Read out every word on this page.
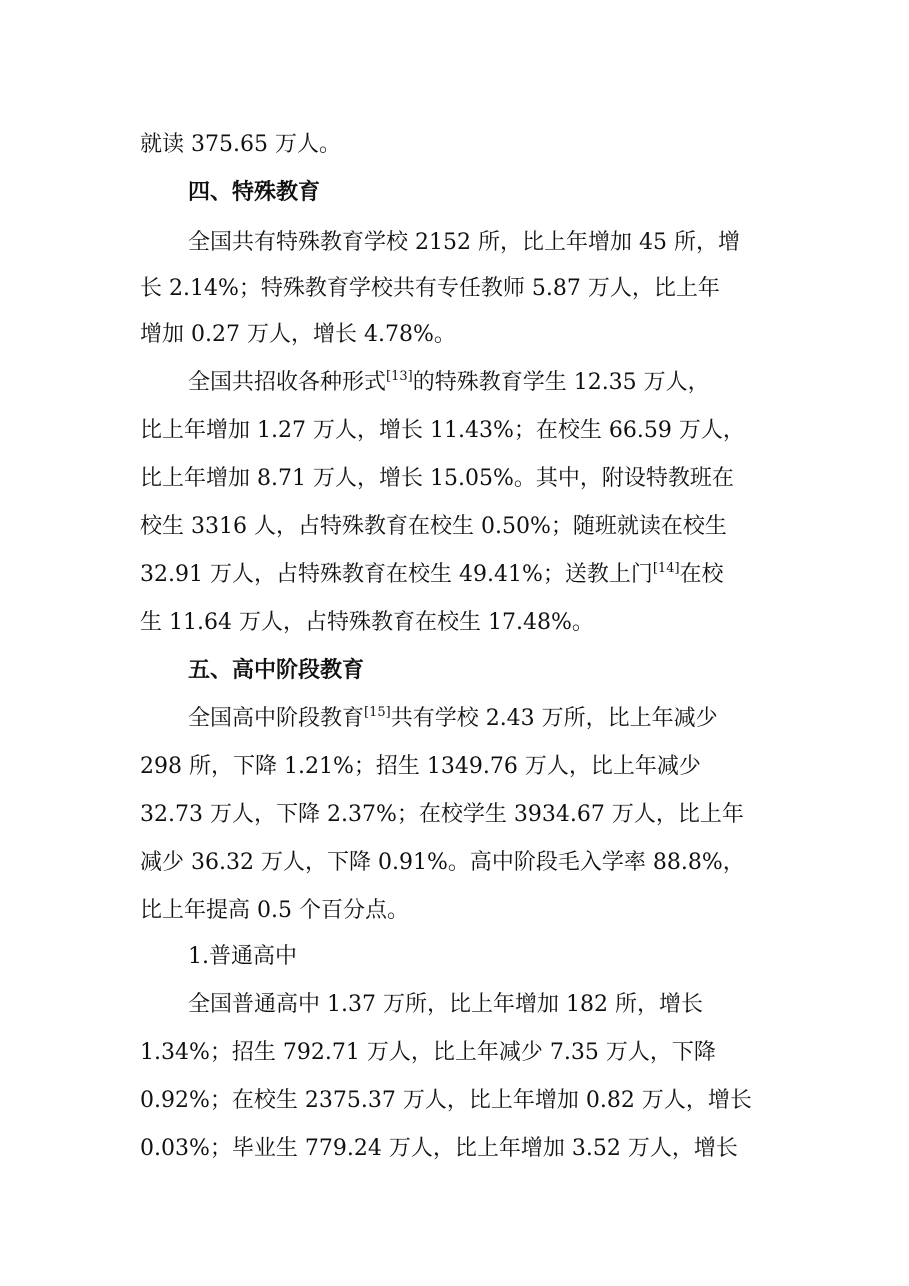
就读 375.65 万人。
四、特殊教育
全国共有特殊教育学校 2152 所，比上年增加 45 所，增
长 2.14%；特殊教育学校共有专任教师 5.87 万人，比上年
增加 0.27 万人，增长 4.78%。
全国共招收各种形式[13]的特殊教育学生 12.35 万人，
比上年增加 1.27 万人，增长 11.43%；在校生 66.59 万人，
比上年增加 8.71 万人，增长 15.05%。其中，附设特教班在
校生 3316 人，占特殊教育在校生 0.50%；随班就读在校生
32.91 万人，占特殊教育在校生 49.41%；送教上门[14]在校
生 11.64 万人，占特殊教育在校生 17.48%。
五、高中阶段教育
全国高中阶段教育[15]共有学校 2.43 万所，比上年减少
298 所，下降 1.21%；招生 1349.76 万人，比上年减少
32.73 万人，下降 2.37%；在校学生 3934.67 万人，比上年
减少 36.32 万人，下降 0.91%。高中阶段毛入学率 88.8%，
比上年提高 0.5 个百分点。
1.普通高中
全国普通高中 1.37 万所，比上年增加 182 所，增长
1.34%；招生 792.71 万人，比上年减少 7.35 万人，下降
0.92%；在校生 2375.37 万人，比上年增加 0.82 万人，增长
0.03%；毕业生 779.24 万人，比上年增加 3.52 万人，增长
